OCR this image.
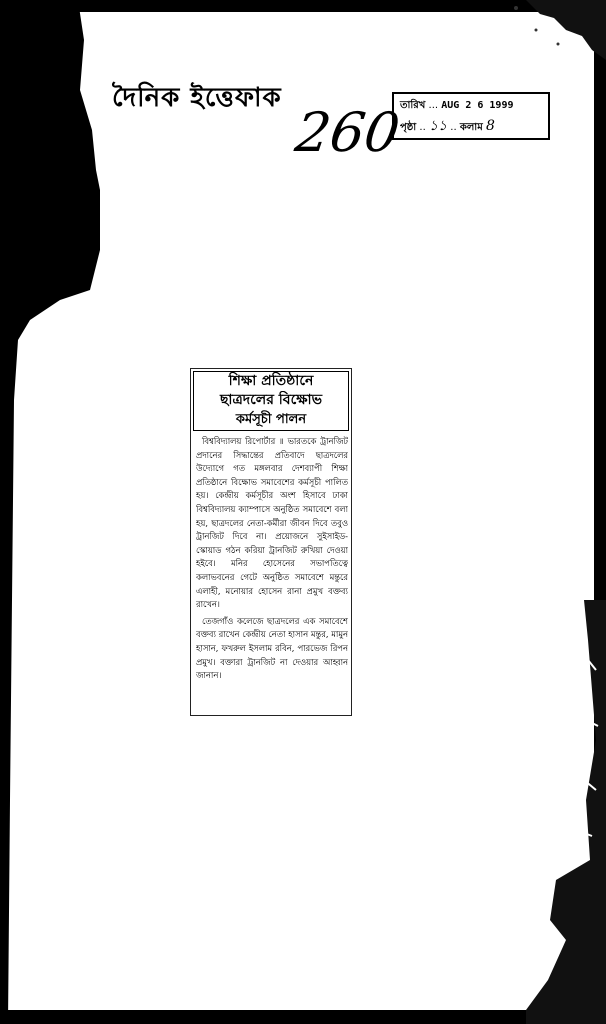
দৈনিক ইত্তেফাক
260
তারিখ ... AUG 2 6 1999
পৃষ্ঠা .. ১১ .. কলাম 8
শিক্ষা প্রতিষ্ঠানে
ছাত্রদলের বিক্ষোভ
কর্মসূচী পালন

বিশ্ববিদ্যালয় রিপোর্টার ॥ ভারতকে ট্রানজিট প্রদানের সিদ্ধান্তের প্রতিবাদে ছাত্রদলের উদ্যোগে গত মঙ্গলবার দেশব্যাপী শিক্ষা প্রতিষ্ঠানে বিক্ষোভ সমাবেশের কর্মসূচী পালিত হয়। কেন্দ্রীয় কর্মসূচীর অংশ হিসাবে ঢাকা বিশ্ববিদ্যালয় ক্যাম্পাসে অনুষ্ঠিত সমাবেশে বলা হয়, ছাত্রদলের নেতা-কর্মীরা জীবন দিবে তবুও ট্রানজিট দিবে না। প্রয়োজনে সুইসাইড-স্কোয়াড গঠন করিয়া ট্রানজিট রুখিয়া দেওয়া হইবে। মনির হোসেনের সভাপতিত্বে কলাভবনের গেটে অনুষ্ঠিত সমাবেশে মন্তুরে এলাহী, মনোয়ার হোসেন রানা প্রমুখ বক্তব্য রাখেন।

তেজগাঁও কলেজে ছাত্রদলের এক সমাবেশে বক্তব্য রাখেন কেন্দ্রীয় নেতা হাসান মন্তুর, মামুন হাসান, ফখরুল ইসলাম রবিন, পারভেজ রিপন প্রমুখ। বক্তারা ট্রানজিট না দেওয়ার আহ্বান জানান।
